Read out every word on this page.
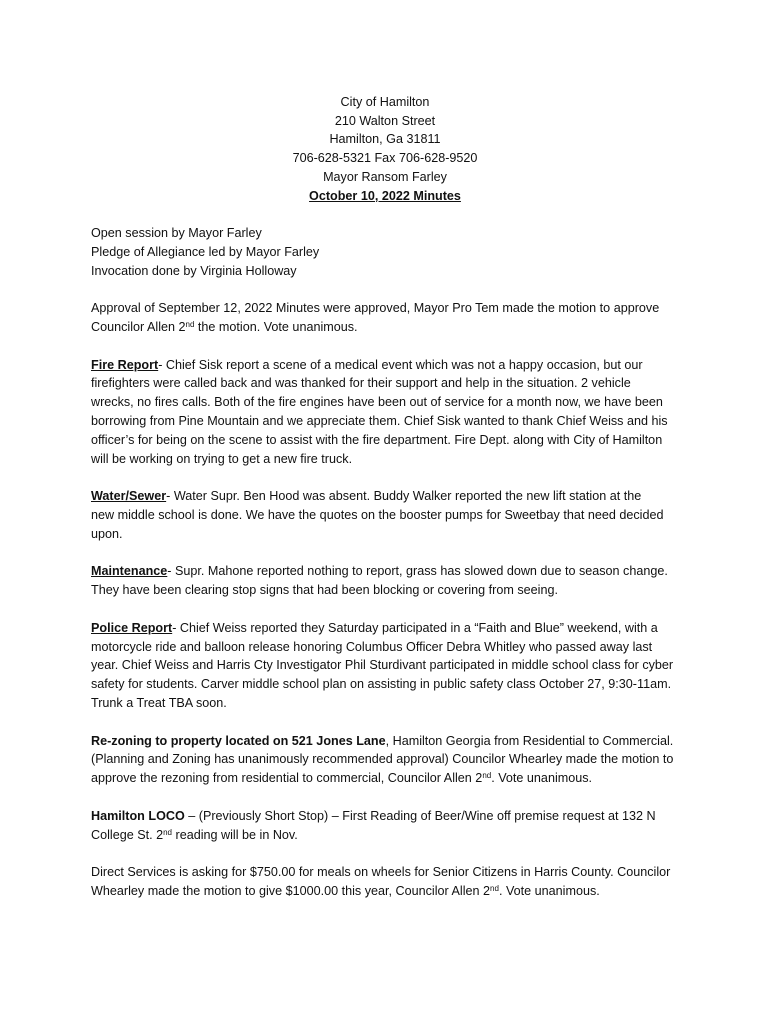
City of Hamilton
210 Walton Street
Hamilton, Ga 31811
706-628-5321 Fax 706-628-9520
Mayor Ransom Farley
October 10, 2022 Minutes
Open session by Mayor Farley
Pledge of Allegiance led by Mayor Farley
Invocation done by Virginia Holloway
Approval of September 12, 2022 Minutes were approved, Mayor Pro Tem made the motion to approve
Councilor Allen 2nd the motion. Vote unanimous.
Fire Report- Chief Sisk report a scene of a medical event which was not a happy occasion, but our
firefighters were called back and was thanked for their support and help in the situation. 2 vehicle
wrecks, no fires calls. Both of the fire engines have been out of service for a month now, we have been
borrowing from Pine Mountain and we appreciate them. Chief Sisk wanted to thank Chief Weiss and his
officer’s for being on the scene to assist with the fire department. Fire Dept. along with City of Hamilton
will be working on trying to get a new fire truck.
Water/Sewer- Water Supr. Ben Hood was absent. Buddy Walker reported the new lift station at the
new middle school is done. We have the quotes on the booster pumps for Sweetbay that need decided
upon.
Maintenance- Supr. Mahone reported nothing to report, grass has slowed down due to season change.
They have been clearing stop signs that had been blocking or covering from seeing.
Police Report- Chief Weiss reported they Saturday participated in a “Faith and Blue” weekend, with a
motorcycle ride and balloon release honoring Columbus Officer Debra Whitley who passed away last
year. Chief Weiss and Harris Cty Investigator Phil Sturdivant participated in middle school class for cyber
safety for students. Carver middle school plan on assisting in public safety class October 27, 9:30-11am.
Trunk a Treat TBA soon.
Re-zoning to property located on 521 Jones Lane, Hamilton Georgia from Residential to Commercial.
(Planning and Zoning has unanimously recommended approval) Councilor Whearley made the motion to
approve the rezoning from residential to commercial, Councilor Allen 2nd. Vote unanimous.
Hamilton LOCO – (Previously Short Stop) – First Reading of Beer/Wine off premise request at 132 N
College St. 2nd reading will be in Nov.
Direct Services is asking for $750.00 for meals on wheels for Senior Citizens in Harris County. Councilor
Whearley made the motion to give $1000.00 this year, Councilor Allen 2nd. Vote unanimous.
